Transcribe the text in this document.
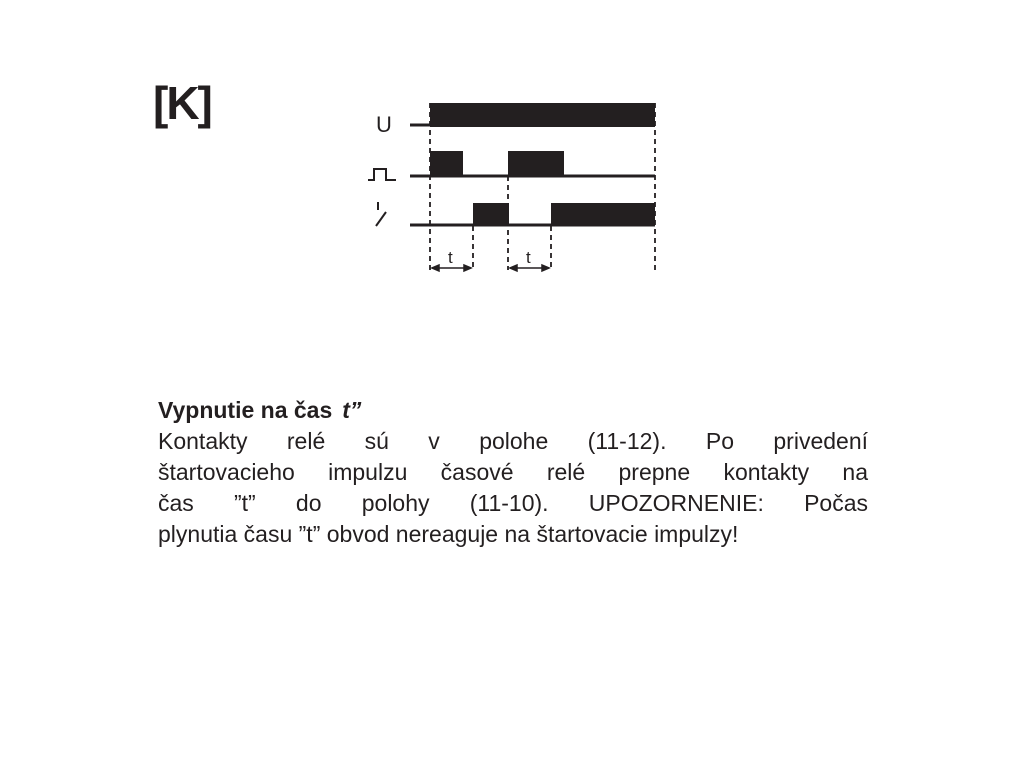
[K]	U
t	t
Vypnutie na čas t”
Kontakty relé sú v polohe (11-12). Po privedení
štartovacieho impulzu časové relé prepne kontakty na
čas ”t” do polohy (11-10). UPOZORNENIE: Počas
plynutia času ”t” obvod nereaguje na štartovacie impulzy!
